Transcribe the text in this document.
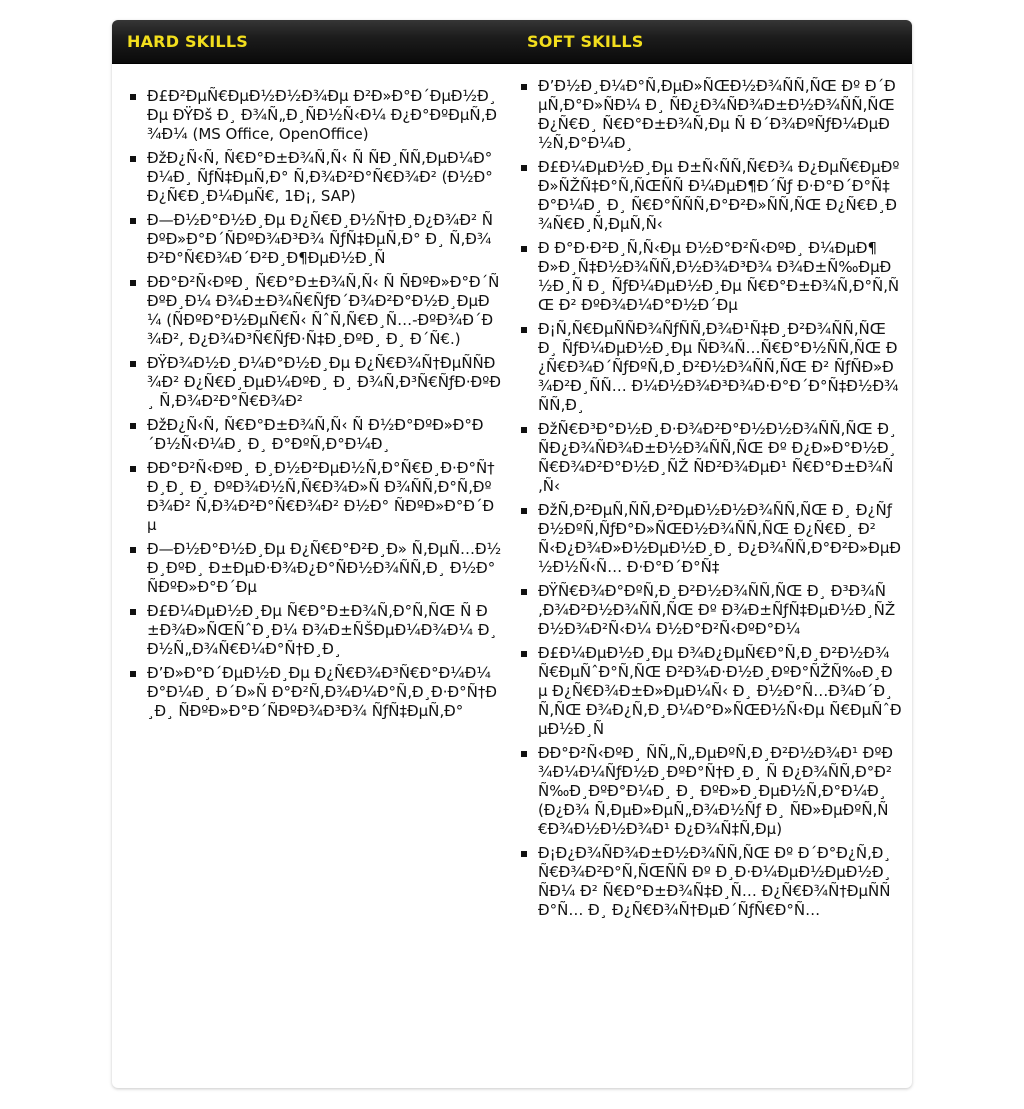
HARD SKILLS	SOFT SKILLS
Ð£Ð²ÐµÑ€ÐµÐ½Ð½Ð¾Ðµ Ð²Ð»Ð°Ð´ÐµÐ½Ð¸Ðµ ÐŸÐš Ð¸ Ð¾Ñ„Ð¸ÑÐ½Ñ‹Ð¼ Ð¿Ð°ÐºÐµÑ‚Ð¾Ð¼ (MS Office, OpenOffice)
ÐžÐ¿Ñ‹Ñ‚ Ñ€Ð°Ð±Ð¾Ñ‚Ñ‹ Ñ ÑÐ¸ÑÑ‚ÐµÐ¼Ð°Ð¼Ð¸ ÑƒÑ‡ÐµÑ‚Ð° Ñ‚Ð¾Ð²Ð°Ñ€Ð¾Ð² (Ð½Ð°Ð¿Ñ€Ð¸Ð¼ÐµÑ€, 1Ð¡, SAP)
Ð—Ð½Ð°Ð½Ð¸Ðµ Ð¿Ñ€Ð¸Ð½Ñ†Ð¸Ð¿Ð¾Ð² ÑÐºÐ»Ð°Ð´ÑÐºÐ¾Ð³Ð¾ ÑƒÑ‡ÐµÑ‚Ð° Ð¸ Ñ‚Ð¾Ð²Ð°Ñ€Ð¾Ð´Ð²Ð¸Ð¶ÐµÐ½Ð¸Ñ
ÐÐ°Ð²Ñ‹ÐºÐ¸ Ñ€Ð°Ð±Ð¾Ñ‚Ñ‹ Ñ ÑÐºÐ»Ð°Ð´ÑÐºÐ¸Ð¼ Ð¾Ð±Ð¾Ñ€ÑƒÐ´Ð¾Ð²Ð°Ð½Ð¸ÐµÐ¼ (ÑÐºÐ°Ð½ÐµÑ€Ñ‹ ÑˆÑ‚Ñ€Ð¸Ñ…-ÐºÐ¾Ð´Ð¾Ð², Ð¿Ð¾Ð³Ñ€ÑƒÐ·Ñ‡Ð¸ÐºÐ¸ Ð¸ Ð´Ñ€.)
ÐŸÐ¾Ð½Ð¸Ð¼Ð°Ð½Ð¸Ðµ Ð¿Ñ€Ð¾Ñ†ÐµÑÑÐ¾Ð² Ð¿Ñ€Ð¸ÐµÐ¼ÐºÐ¸ Ð¸ Ð¾Ñ‚Ð³Ñ€ÑƒÐ·ÐºÐ¸ Ñ‚Ð¾Ð²Ð°Ñ€Ð¾Ð²
ÐžÐ¿Ñ‹Ñ‚ Ñ€Ð°Ð±Ð¾Ñ‚Ñ‹ Ñ Ð½Ð°ÐºÐ»Ð°Ð´Ð½Ñ‹Ð¼Ð¸ Ð¸ Ð°ÐºÑ‚Ð°Ð¼Ð¸
ÐÐ°Ð²Ñ‹ÐºÐ¸ Ð¸Ð½Ð²ÐµÐ½Ñ‚Ð°Ñ€Ð¸Ð·Ð°Ñ†Ð¸Ð¸ Ð¸ ÐºÐ¾Ð½Ñ‚Ñ€Ð¾Ð»Ñ Ð¾ÑÑ‚Ð°Ñ‚ÐºÐ¾Ð² Ñ‚Ð¾Ð²Ð°Ñ€Ð¾Ð² Ð½Ð° ÑÐºÐ»Ð°Ð´Ðµ
Ð—Ð½Ð°Ð½Ð¸Ðµ Ð¿Ñ€Ð°Ð²Ð¸Ð» Ñ‚ÐµÑ…Ð½Ð¸ÐºÐ¸ Ð±ÐµÐ·Ð¾Ð¿Ð°ÑÐ½Ð¾ÑÑ‚Ð¸ Ð½Ð° ÑÐºÐ»Ð°Ð´Ðµ
Ð£Ð¼ÐµÐ½Ð¸Ðµ Ñ€Ð°Ð±Ð¾Ñ‚Ð°Ñ‚ÑŒ Ñ Ð±Ð¾Ð»ÑŒÑˆÐ¸Ð¼ Ð¾Ð±ÑŠÐµÐ¼Ð¾Ð¼ Ð¸Ð½Ñ„Ð¾Ñ€Ð¼Ð°Ñ†Ð¸Ð¸
Ð’Ð»Ð°Ð´ÐµÐ½Ð¸Ðµ Ð¿Ñ€Ð¾Ð³Ñ€Ð°Ð¼Ð¼Ð°Ð¼Ð¸ Ð´Ð»Ñ Ð°Ð²Ñ‚Ð¾Ð¼Ð°Ñ‚Ð¸Ð·Ð°Ñ†Ð¸Ð¸ ÑÐºÐ»Ð°Ð´ÑÐºÐ¾Ð³Ð¾ ÑƒÑ‡ÐµÑ‚Ð°
Ð’Ð½Ð¸Ð¼Ð°Ñ‚ÐµÐ»ÑŒÐ½Ð¾ÑÑ‚ÑŒ Ðº Ð´ÐµÑ‚Ð°Ð»ÑÐ¼ Ð¸ ÑÐ¿Ð¾ÑÐ¾Ð±Ð½Ð¾ÑÑ‚ÑŒ Ð¿Ñ€Ð¸ Ñ€Ð°Ð±Ð¾Ñ‚Ðµ Ñ Ð´Ð¾ÐºÑƒÐ¼ÐµÐ½Ñ‚Ð°Ð¼Ð¸
Ð£Ð¼ÐµÐ½Ð¸Ðµ Ð±Ñ‹ÑÑ‚Ñ€Ð¾ Ð¿ÐµÑ€ÐµÐºÐ»ÑŽÑ‡Ð°Ñ‚ÑŒÑÑ Ð¼ÐµÐ¶Ð´Ñƒ Ð·Ð°Ð´Ð°Ñ‡Ð°Ð¼Ð¸ Ð¸ Ñ€Ð°ÑÑÑ‚Ð°Ð²Ð»ÑÑ‚ÑŒ Ð¿Ñ€Ð¸Ð¾Ñ€Ð¸Ñ‚ÐµÑ‚Ñ‹
Ð Ð°Ð·Ð²Ð¸Ñ‚Ñ‹Ðµ Ð½Ð°Ð²Ñ‹ÐºÐ¸ Ð¼ÐµÐ¶Ð»Ð¸Ñ‡Ð½Ð¾ÑÑ‚Ð½Ð¾Ð³Ð¾ Ð¾Ð±Ñ‰ÐµÐ½Ð¸Ñ Ð¸ ÑƒÐ¼ÐµÐ½Ð¸Ðµ Ñ€Ð°Ð±Ð¾Ñ‚Ð°Ñ‚ÑŒ Ð² ÐºÐ¾Ð¼Ð°Ð½Ð´Ðµ
Ð¡Ñ‚Ñ€ÐµÑÑÐ¾ÑƒÑÑ‚Ð¾Ð¹Ñ‡Ð¸Ð²Ð¾ÑÑ‚ÑŒ Ð¸ ÑƒÐ¼ÐµÐ½Ð¸Ðµ ÑÐ¾Ñ…Ñ€Ð°Ð½ÑÑ‚ÑŒ Ð¿Ñ€Ð¾Ð´ÑƒÐºÑ‚Ð¸Ð²Ð½Ð¾ÑÑ‚ÑŒ Ð² ÑƒÑÐ»Ð¾Ð²Ð¸ÑÑ… Ð¼Ð½Ð¾Ð³Ð¾Ð·Ð°Ð´Ð°Ñ‡Ð½Ð¾ÑÑ‚Ð¸
ÐžÑ€Ð³Ð°Ð½Ð¸Ð·Ð¾Ð²Ð°Ð½Ð½Ð¾ÑÑ‚ÑŒ Ð¸ ÑÐ¿Ð¾ÑÐ¾Ð±Ð½Ð¾ÑÑ‚ÑŒ Ðº Ð¿Ð»Ð°Ð½Ð¸Ñ€Ð¾Ð²Ð°Ð½Ð¸ÑŽ ÑÐ²Ð¾ÐµÐ¹ Ñ€Ð°Ð±Ð¾Ñ‚Ñ‹
ÐžÑ‚Ð²ÐµÑ‚ÑÑ‚Ð²ÐµÐ½Ð½Ð¾ÑÑ‚ÑŒ Ð¸ Ð¿ÑƒÐ½ÐºÑ‚ÑƒÐ°Ð»ÑŒÐ½Ð¾ÑÑ‚ÑŒ Ð¿Ñ€Ð¸ Ð²Ñ‹Ð¿Ð¾Ð»Ð½ÐµÐ½Ð¸Ð¸ Ð¿Ð¾ÑÑ‚Ð°Ð²Ð»ÐµÐ½Ð½Ñ‹Ñ… Ð·Ð°Ð´Ð°Ñ‡
ÐŸÑ€Ð¾Ð°ÐºÑ‚Ð¸Ð²Ð½Ð¾ÑÑ‚ÑŒ Ð¸ Ð³Ð¾Ñ‚Ð¾Ð²Ð½Ð¾ÑÑ‚ÑŒ Ðº Ð¾Ð±ÑƒÑ‡ÐµÐ½Ð¸ÑŽ Ð½Ð¾Ð²Ñ‹Ð¼ Ð½Ð°Ð²Ñ‹ÐºÐ°Ð¼
Ð£Ð¼ÐµÐ½Ð¸Ðµ Ð¾Ð¿ÐµÑ€Ð°Ñ‚Ð¸Ð²Ð½Ð¾ Ñ€ÐµÑˆÐ°Ñ‚ÑŒ Ð²Ð¾Ð·Ð½Ð¸ÐºÐ°ÑŽÑ‰Ð¸Ðµ Ð¿Ñ€Ð¾Ð±Ð»ÐµÐ¼Ñ‹ Ð¸ Ð½Ð°Ñ…Ð¾Ð´Ð¸Ñ‚ÑŒ Ð¾Ð¿Ñ‚Ð¸Ð¼Ð°Ð»ÑŒÐ½Ñ‹Ðµ Ñ€ÐµÑˆÐµÐ½Ð¸Ñ
ÐÐ°Ð²Ñ‹ÐºÐ¸ ÑÑ„Ñ„ÐµÐºÑ‚Ð¸Ð²Ð½Ð¾Ð¹ ÐºÐ¾Ð¼Ð¼ÑƒÐ½Ð¸ÐºÐ°Ñ†Ð¸Ð¸ Ñ Ð¿Ð¾ÑÑ‚Ð°Ð²Ñ‰Ð¸ÐºÐ°Ð¼Ð¸ Ð¸ ÐºÐ»Ð¸ÐµÐ½Ñ‚Ð°Ð¼Ð¸ (Ð¿Ð¾ Ñ‚ÐµÐ»ÐµÑ„Ð¾Ð½Ñƒ Ð¸ ÑÐ»ÐµÐºÑ‚Ñ€Ð¾Ð½Ð½Ð¾Ð¹ Ð¿Ð¾Ñ‡Ñ‚Ðµ)
Ð¡Ð¿Ð¾ÑÐ¾Ð±Ð½Ð¾ÑÑ‚ÑŒ Ðº Ð´Ð°Ð¿Ñ‚Ð¸Ñ€Ð¾Ð²Ð°Ñ‚ÑŒÑÑ Ðº Ð¸Ð·Ð¼ÐµÐ½ÐµÐ½Ð¸ÑÐ¼ Ð² Ñ€Ð°Ð±Ð¾Ñ‡Ð¸Ñ… Ð¿Ñ€Ð¾Ñ†ÐµÑÑÐ°Ñ… Ð¸ Ð¿Ñ€Ð¾Ñ†ÐµÐ´ÑƒÑ€Ð°Ñ…
